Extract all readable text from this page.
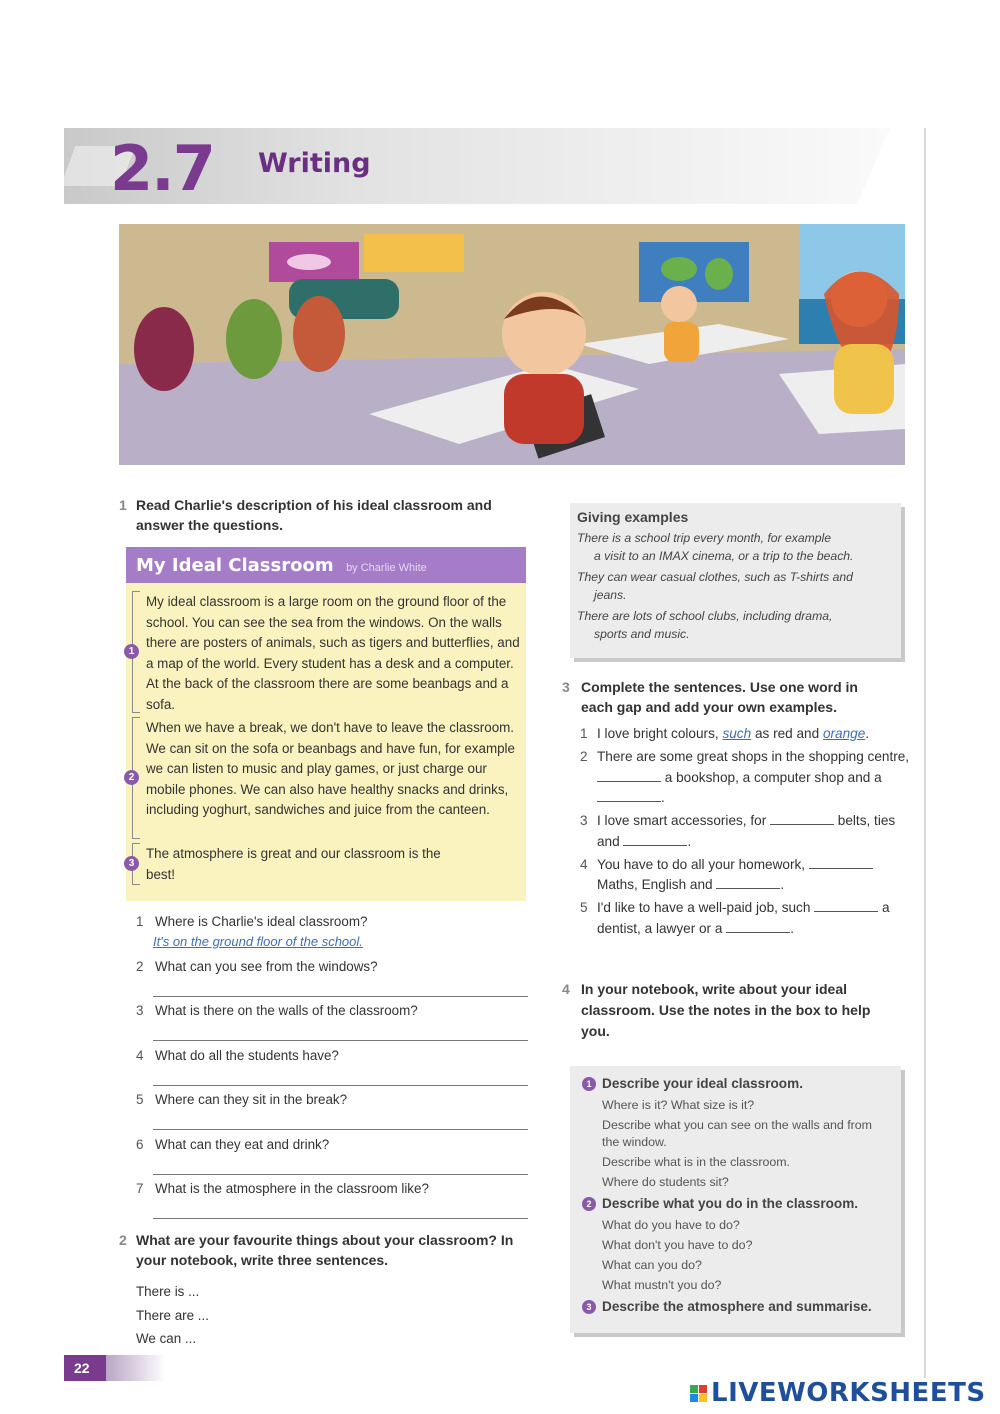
2.7 Writing
1 Read Charlie's description of his ideal classroom and answer the questions.
My Ideal Classroom by Charlie White
1
My ideal classroom is a large room on the ground floor of the school. You can see the sea from the windows. On the walls there are posters of animals, such as tigers and butterflies, and a map of the world. Every student has a desk and a computer. At the back of the classroom there are some beanbags and a sofa.
2
When we have a break, we don't have to leave the classroom. We can sit on the sofa or beanbags and have fun, for example we can listen to music and play games, or just charge our mobile phones. We can also have healthy snacks and drinks, including yoghurt, sandwiches and juice from the canteen.
3
The atmosphere is great and our classroom is the best!
1 Where is Charlie's ideal classroom?
It's on the ground floor of the school.
2 What can you see from the windows?
3 What is there on the walls of the classroom?
4 What do all the students have?
5 Where can they sit in the break?
6 What can they eat and drink?
7 What is the atmosphere in the classroom like?
2 What are your favourite things about your classroom? In your notebook, write three sentences.
There is ...
There are ...
We can ...
Giving examples
There is a school trip every month, for example
a visit to an IMAX cinema, or a trip to the beach.
They can wear casual clothes, such as T-shirts and
jeans.
There are lots of school clubs, including drama,
sports and music.
3 Complete the sentences. Use one word in each gap and add your own examples.
1 I love bright colours, such as red and orange.
2 There are some great shops in the shopping centre,  a bookshop, a computer shop and a .
3 I love smart accessories, for	belts, ties and	.
4 You have to do all your homework,  Maths, English and	.
5 I'd like to have a well-paid job, such	a dentist, a lawyer or a	.
4 In your notebook, write about your ideal classroom. Use the notes in the box to help you.
1 Describe your ideal classroom.
Where is it? What size is it?
Describe what you can see on the walls and from the window.
Describe what is in the classroom.
Where do students sit?
2 Describe what you do in the classroom.
What do you have to do?
What don't you have to do?
What can you do?
What mustn't you do?
3 Describe the atmosphere and summarise.
22
LIVEWORKSHEETS
